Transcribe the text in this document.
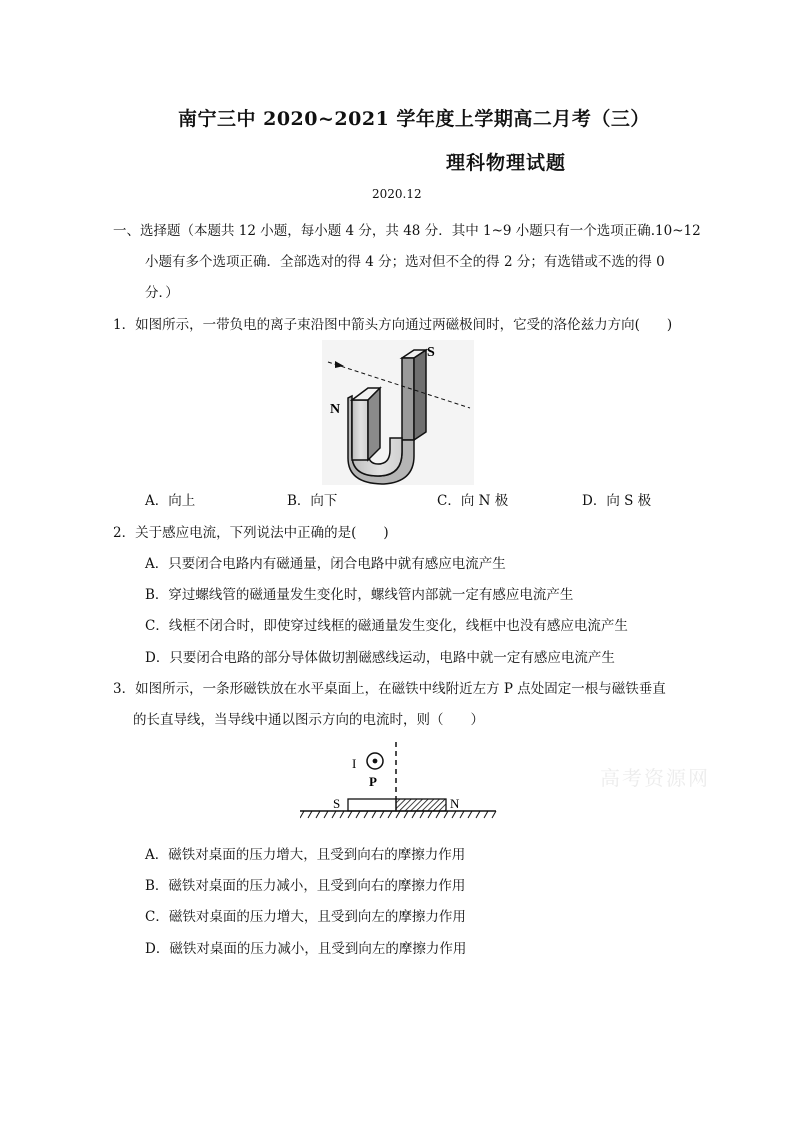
南宁三中 2020~2021 学年度上学期高二月考（三）
理科物理试题
2020.12
一、选择题（本题共 12 小题，每小题 4 分，共 48 分．其中 1~9 小题只有一个选项正确.10~12
小题有多个选项正确．全部选对的得 4 分；选对但不全的得 2 分；有选错或不选的得 0
分．）
1．如图所示，一带负电的离子束沿图中箭头方向通过两磁极间时，它受的洛伦兹力方向(　　)
S
N
A．向上	B．向下	C．向 N 极	D．向 S 极
2．关于感应电流，下列说法中正确的是(　　)
A．只要闭合电路内有磁通量，闭合电路中就有感应电流产生
B．穿过螺线管的磁通量发生变化时，螺线管内部就一定有感应电流产生
C．线框不闭合时，即使穿过线框的磁通量发生变化，线框中也没有感应电流产生
D．只要闭合电路的部分导体做切割磁感线运动，电路中就一定有感应电流产生
3．如图所示，一条形磁铁放在水平桌面上，在磁铁中线附近左方 P 点处固定一根与磁铁垂直
的长直导线，当导线中通以图示方向的电流时，则（　　）
I
P
S	N
高考资源网
A．磁铁对桌面的压力增大，且受到向右的摩擦力作用
B．磁铁对桌面的压力减小，且受到向右的摩擦力作用
C．磁铁对桌面的压力增大，且受到向左的摩擦力作用
D．磁铁对桌面的压力减小，且受到向左的摩擦力作用
